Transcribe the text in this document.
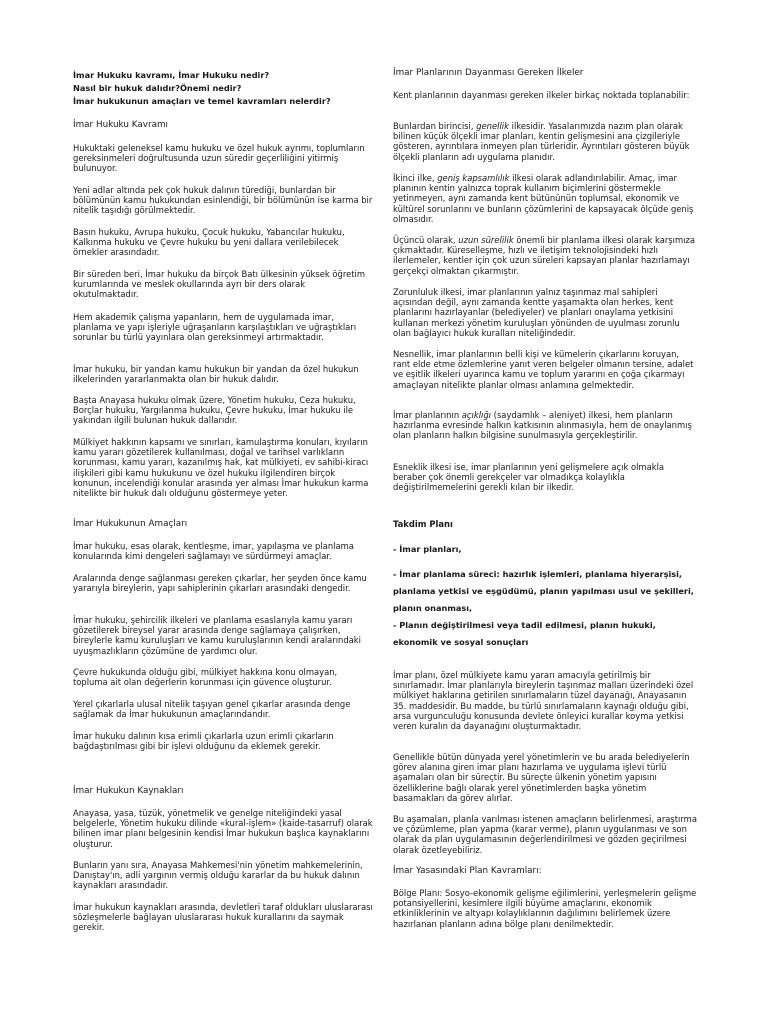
İmar Hukuku kavramı, İmar Hukuku nedir?
Nasıl bir hukuk dalıdır?Önemi nedir?
İmar hukukunun amaçları ve temel kavramları nelerdir?

İmar Hukuku Kavramı

Hukuktaki geleneksel kamu hukuku ve özel hukuk ayrımı, toplumların gereksinmeleri doğrultusunda uzun süredir geçerliliğini yitirmiş bulunuyor.

Yeni adlar altında pek çok hukuk dalının türediği, bunlardan bir bölümünün kamu hukukundan esinlendiği, bir bölümünün ise karma bir nitelik taşıdığı görülmektedir.

Basın hukuku, Avrupa hukuku, Çocuk hukuku, Yabancılar hukuku, Kalkınma hukuku ve Çevre hukuku bu yeni dallara verilebilecek örnekler arasındadır.

Bir süreden beri, İmar hukuku da birçok Batı ülkesinin yüksek öğretim kurumlarında ve meslek okullarında ayrı bir ders olarak okutulmaktadır.

Hem akademik çalışma yapanların, hem de uygulamada imar, planlama ve yapı işleriyle uğraşanların karşılaştıkları ve uğraştıkları sorunlar bu türlü yayınlara olan gereksinmeyi artırmaktadır.

İmar hukuku, bir yandan kamu hukukun bir yandan da özel hukukun ilkelerinden yararlanmakta olan bir hukuk dalıdır.

Başta Anayasa hukuku olmak üzere, Yönetim hukuku, Ceza hukuku, Borçlar hukuku, Yargılanma hukuku, Çevre hukuku, İmar hukuku ile yakından ilgili bulunan hukuk dallarıdır.

Mülkiyet hakkının kapsamı ve sınırları, kamulaştırma konuları, kıyıların kamu yararı gözetilerek kullanılması, doğal ve tarihsel varlıkların korunması, kamu yararı, kazanılmış hak, kat mülkiyeti, ev sahibi-kiracı ilişkileri gibi kamu hukukunu ve özel hukuku ilgilendiren birçok konunun, incelendiği konular arasında yer alması İmar hukukun karma nitelikte bir hukuk dalı olduğunu göstermeye yeter.

İmar Hukukunun Amaçları

İmar hukuku, esas olarak, kentleşme, imar, yapılaşma ve planlama konularında kimi dengeleri sağlamayı ve sürdürmeyi amaçlar.

Aralarında denge sağlanması gereken çıkarlar, her şeyden önce kamu yararıyla bireylerin, yapı sahiplerinin çıkarları arasındaki dengedir.

İmar hukuku, şehircilik ilkeleri ve planlama esaslarıyla kamu yararı gözetilerek bireysel yarar arasında denge sağlamaya çalışırken, bireylerle kamu kuruluşları ve kamu kuruluşlarının kendi aralarındaki uyuşmazlıkların çözümüne de yardımcı olur.

Çevre hukukunda olduğu gibi, mülkiyet hakkına konu olmayan, topluma ait olan değerlerin korunması için güvence oluşturur.

Yerel çıkarlarla ulusal nitelik taşıyan genel çıkarlar arasında denge sağlamak da İmar hukukunun amaçlarındandır.

İmar hukuku dalının kısa erimli çıkarlarla uzun erimli çıkarların bağdaştırılması gibi bir işlevi olduğunu da eklemek gerekir.

İmar Hukukun Kaynakları

Anayasa, yasa, tüzük, yönetmelik ve genelge niteliğindeki yasal belgelerle, Yönetim hukuku dilinde «kural-işlem» (kaide-tasarruf) olarak bilinen imar planı belgesinin kendisi İmar hukukun başlıca kaynaklarını oluşturur.

Bunların yanı sıra, Anayasa Mahkemesi'nin yönetim mahkemelerinin, Danıştay'ın, adli yargının vermiş olduğu kararlar da bu hukuk dalının kaynakları arasındadır.

İmar hukukun kaynakları arasında, devletleri taraf oldukları uluslararası sözleşmelerle bağlayan uluslararası hukuk kurallarını da saymak gerekir.

İmar Planlarının Dayanması Gereken İlkeler

Kent planlarının dayanması gereken ilkeler birkaç noktada toplanabilir:

Bunlardan birincisi, genellik ilkesidir. Yasalarımızda nazım plan olarak bilinen küçük ölçekli imar planları, kentin gelişmesini ana çizgileriyle gösteren, ayrıntılara inmeyen plan türleridir. Ayrıntıları gösteren büyük ölçekli planların adı uygulama planıdır.

İkinci ilke, geniş kapsamlılık ilkesi olarak adlandırılabilir. Amaç, imar planının kentin yalnızca toprak kullanım biçimlerini göstermekle yetinmeyen, aynı zamanda kent bütününün toplumsal, ekonomik ve kültürel sorunlarını ve bunların çözümlerini de kapsayacak ölçüde geniş olmasıdır.

Üçüncü olarak, uzun sürelilik önemli bir planlama ilkesi olarak karşımıza çıkmaktadır. Küreselleşme, hızlı ve iletişim teknolojisindeki hızlı ilerlemeler, kentler için çok uzun süreleri kapsayan planlar hazırlamayı gerçekçi olmaktan çıkarmıştır.

Zorunluluk ilkesi, imar planlarının yalnız taşınmaz mal sahipleri açısından değil, aynı zamanda kentte yaşamakta olan herkes, kent planlarını hazırlayanlar (belediyeler) ve planları onaylama yetkisini kullanan merkezi yönetim kuruluşları yönünden de uyulması zorunlu olan bağlayıcı hukuk kuralları niteliğindedir.

Nesnellik, imar planlarının belli kişi ve kümelerin çıkarlarını koruyan, rant elde etme özlemlerine yanıt veren belgeler olmanın tersine, adalet ve eşitlik ilkeleri uyarınca kamu ve toplum yararını en çoğa çıkarmayı amaçlayan nitelikte planlar olması anlamına gelmektedir.

İmar planlarının açıklığı (saydamlık – aleniyet) ilkesi, hem planların hazırlanma evresinde halkın katkısının alınmasıyla, hem de onaylanmış olan planların halkın bilgisine sunulmasıyla gerçekleştirilir.

Esneklik ilkesi ise, imar planlarının yeni gelişmelere açık olmakla beraber çok önemli gerekçeler var olmadıkça kolaylıkla değiştirilmemelerini gerekli kılan bir ilkedir.

Takdim Planı

- İmar planları,

- İmar planlama süreci: hazırlık işlemleri, planlama hiyerarşisi, planlama yetkisi ve eşgüdümü, planın yapılması usul ve şekilleri, planın onanması,

- Planın değiştirilmesi veya tadil edilmesi, planın hukuki, ekonomik ve sosyal sonuçları

İmar planı, özel mülkiyete kamu yararı amacıyla getirilmiş bir sınırlamadır. İmar planlarıyla bireylerin taşınmaz malları üzerindeki özel mülkiyet haklarına getirilen sınırlamaların tüzel dayanağı, Anayasanın 35. maddesidir. Bu madde, bu türlü sınırlamaların kaynağı olduğu gibi, arsa vurgunculuğu konusunda devlete önleyici kurallar koyma yetkisi veren kuralın da dayanağını oluşturmaktadır.

Genellikle bütün dünyada yerel yönetimlerin ve bu arada belediyelerin görev alanına giren imar planı hazırlama ve uygulama işlevi türlü aşamaları olan bir süreçtir. Bu süreçte ülkenin yönetim yapısını özelliklerine bağlı olarak yerel yönetimlerden başka yönetim basamakları da görev alırlar.

Bu aşamaları, planla varılması istenen amaçların belirlenmesi, araştırma ve çözümleme, plan yapma (karar verme), planın uygulanması ve son olarak da plan uygulamasının değerlendirilmesi ve gözden geçirilmesi olarak özetleyebiliriz.

İmar Yasasındaki Plan Kavramları:

Bölge Planı: Sosyo-ekonomik gelişme eğilimlerini, yerleşmelerin gelişme potansiyellerini, kesimlere ilgili büyüme amaçlarını, ekonomik etkinliklerinin ve altyapı kolaylıklarının dağılımını belirlemek üzere hazırlanan planların adına bölge planı denilmektedir.
